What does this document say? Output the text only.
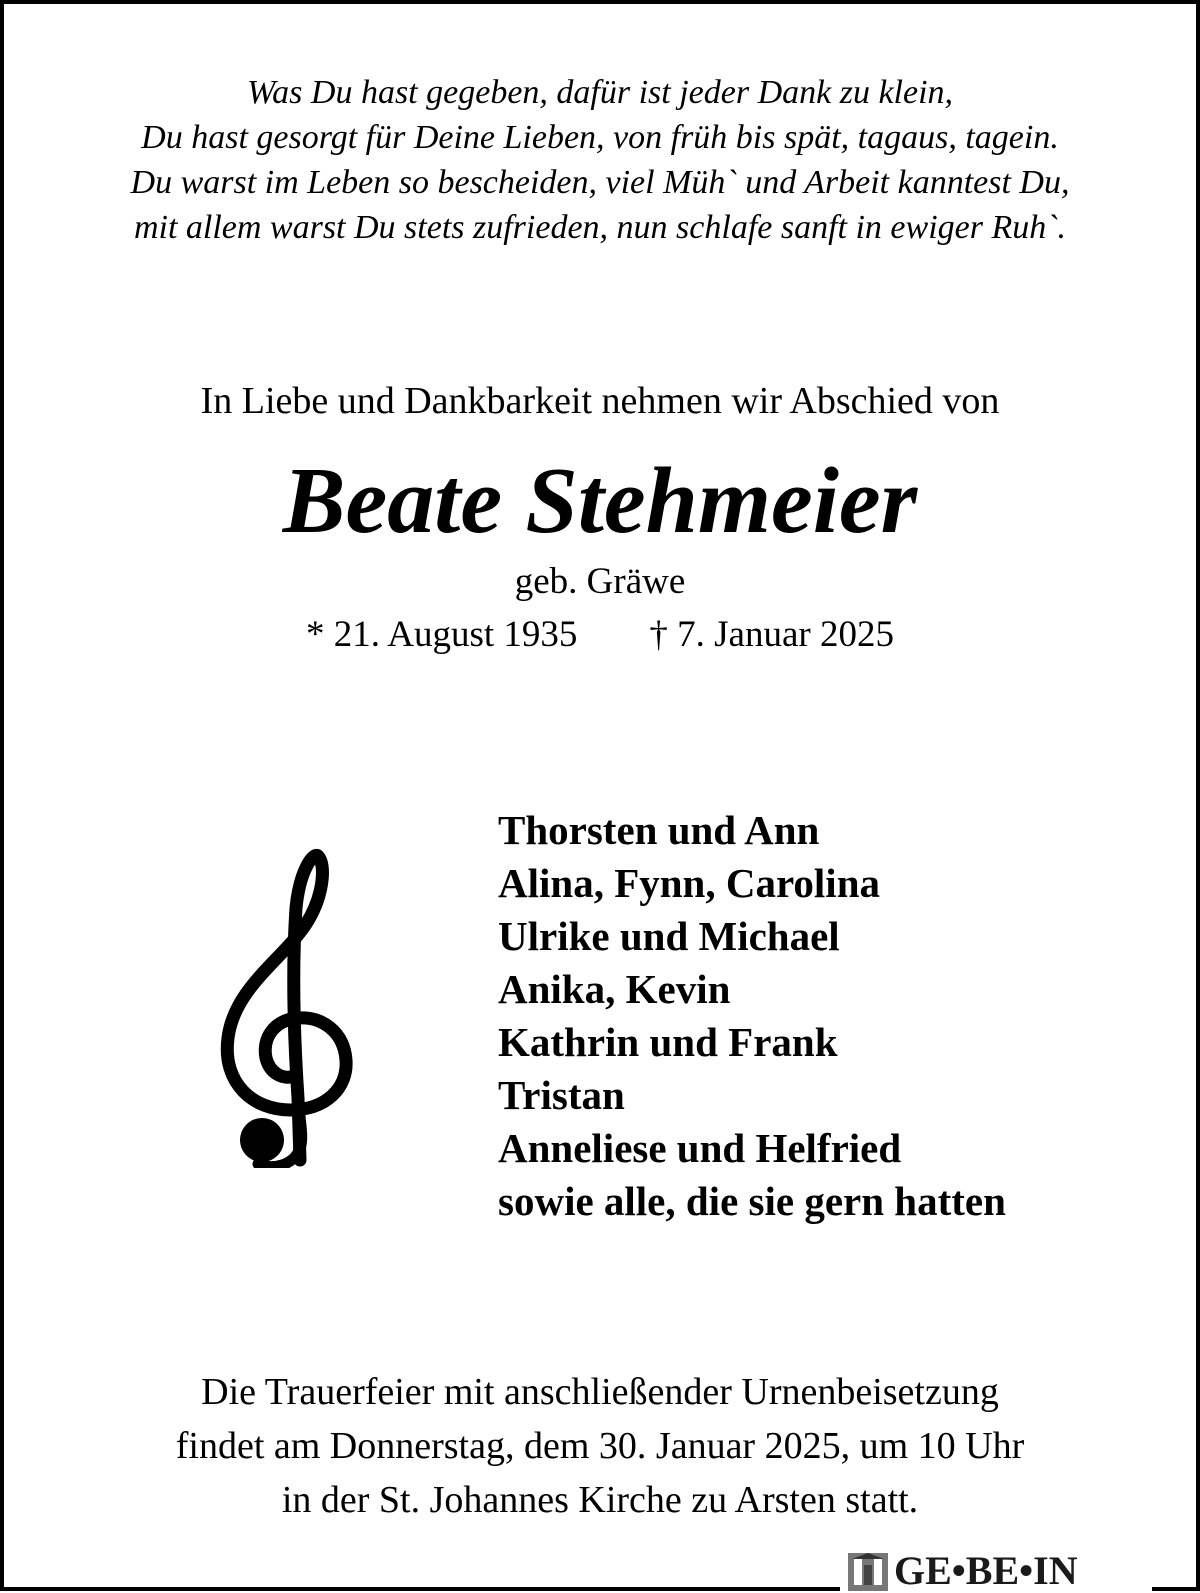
Was Du hast gegeben, dafür ist jeder Dank zu klein,
Du hast gesorgt für Deine Lieben, von früh bis spät, tagaus, tagein.
Du warst im Leben so bescheiden, viel Müh` und Arbeit kanntest Du,
mit allem warst Du stets zufrieden, nun schlafe sanft in ewiger Ruh`.
In Liebe und Dankbarkeit nehmen wir Abschied von
Beate Stehmeier
geb. Gräwe
* 21. August 1935 † 7. Januar 2025
Thorsten und Ann
Alina, Fynn, Carolina
Ulrike und Michael
Anika, Kevin
Kathrin und Frank
Tristan
Anneliese und Helfried
sowie alle, die sie gern hatten
Die Trauerfeier mit anschließender Urnenbeisetzung
findet am Donnerstag, dem 30. Januar 2025, um 10 Uhr
in der St. Johannes Kirche zu Arsten statt.
GE•BE•IN
